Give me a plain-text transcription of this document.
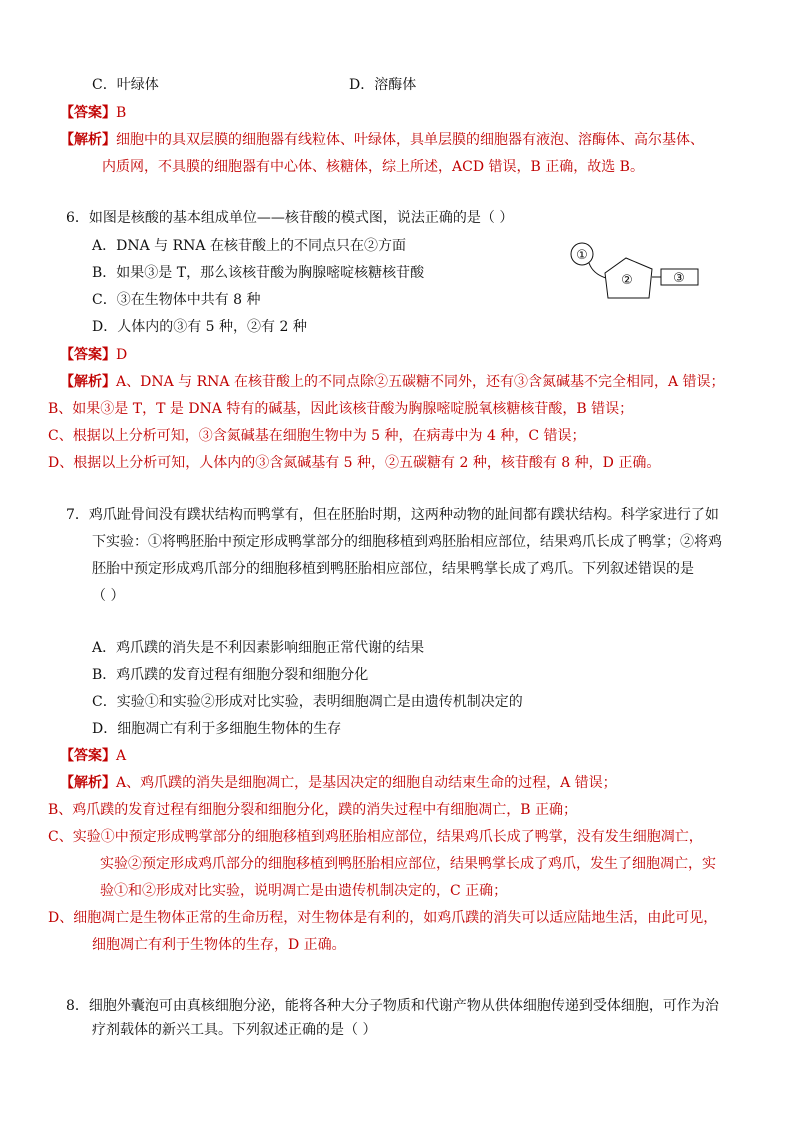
C．叶绿体	D．溶酶体
【答案】B
【解析】细胞中的具双层膜的细胞器有线粒体、叶绿体，具单层膜的细胞器有液泡、溶酶体、高尔基体、
内质网，不具膜的细胞器有中心体、核糖体，综上所述，ACD 错误，B 正确，故选 B。
6．如图是核酸的基本组成单位——核苷酸的模式图，说法正确的是（ ）
A．DNA 与 RNA 在核苷酸上的不同点只在②方面
B．如果③是 T，那么该核苷酸为胸腺嘧啶核糖核苷酸
C．③在生物体中共有 8 种
D．人体内的③有 5 种，②有 2 种
①
②	③
【答案】D
【解析】A、DNA 与 RNA 在核苷酸上的不同点除②五碳糖不同外，还有③含氮碱基不完全相同，A 错误；
B、如果③是 T，T 是 DNA 特有的碱基，因此该核苷酸为胸腺嘧啶脱氧核糖核苷酸，B 错误；
C、根据以上分析可知，③含氮碱基在细胞生物中为 5 种，在病毒中为 4 种，C 错误；
D、根据以上分析可知，人体内的③含氮碱基有 5 种，②五碳糖有 2 种，核苷酸有 8 种，D 正确。
7．鸡爪趾骨间没有蹼状结构而鸭掌有，但在胚胎时期，这两种动物的趾间都有蹼状结构。科学家进行了如
下实验：①将鸭胚胎中预定形成鸭掌部分的细胞移植到鸡胚胎相应部位，结果鸡爪长成了鸭掌；②将鸡
胚胎中预定形成鸡爪部分的细胞移植到鸭胚胎相应部位，结果鸭掌长成了鸡爪。下列叙述错误的是
（ ）
A．鸡爪蹼的消失是不利因素影响细胞正常代谢的结果
B．鸡爪蹼的发育过程有细胞分裂和细胞分化
C．实验①和实验②形成对比实验，表明细胞凋亡是由遗传机制决定的
D．细胞凋亡有利于多细胞生物体的生存
【答案】A
【解析】A、鸡爪蹼的消失是细胞凋亡，是基因决定的细胞自动结束生命的过程，A 错误；
B、鸡爪蹼的发育过程有细胞分裂和细胞分化，蹼的消失过程中有细胞凋亡，B 正确；
C、实验①中预定形成鸭掌部分的细胞移植到鸡胚胎相应部位，结果鸡爪长成了鸭掌，没有发生细胞凋亡，
实验②预定形成鸡爪部分的细胞移植到鸭胚胎相应部位，结果鸭掌长成了鸡爪，发生了细胞凋亡，实
验①和②形成对比实验，说明凋亡是由遗传机制决定的，C 正确；
D、细胞凋亡是生物体正常的生命历程，对生物体是有利的，如鸡爪蹼的消失可以适应陆地生活，由此可见，
细胞凋亡有利于生物体的生存，D 正确。
8．细胞外囊泡可由真核细胞分泌，能将各种大分子物质和代谢产物从供体细胞传递到受体细胞，可作为治
疗剂载体的新兴工具。下列叙述正确的是（ ）
